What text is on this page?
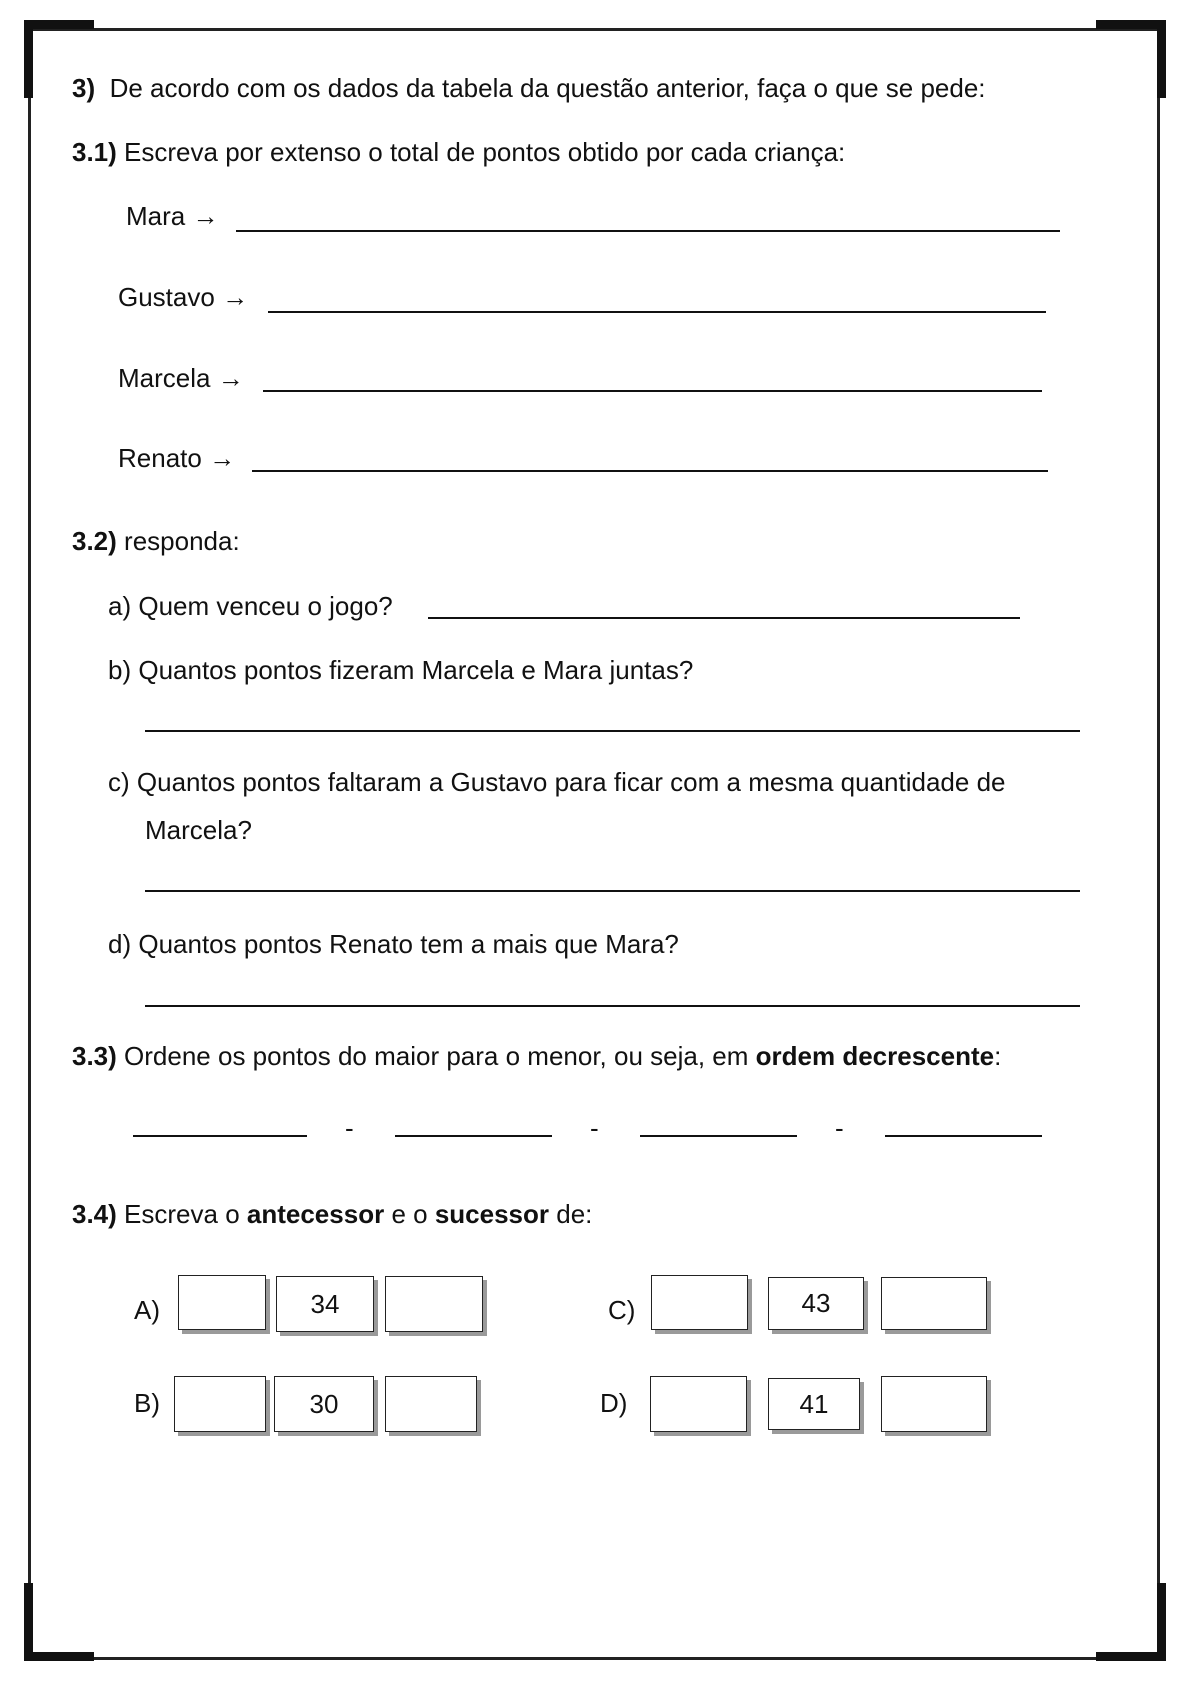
3) De acordo com os dados da tabela da questão anterior, faça o que se pede:
3.1) Escreva por extenso o total de pontos obtido por cada criança:
Mara →
Gustavo →
Marcela →
Renato →
3.2) responda:
a) Quem venceu o jogo?
b) Quantos pontos fizeram Marcela e Mara juntas?
c) Quantos pontos faltaram a Gustavo para ficar com a mesma quantidade de
Marcela?
d) Quantos pontos Renato tem a mais que Mara?
3.3) Ordene os pontos do maior para o menor, ou seja, em ordem decrescente:
-	-	-
3.4) Escreva o antecessor e o sucessor de:
A)	34
B)	30
C)	43
D)	41
